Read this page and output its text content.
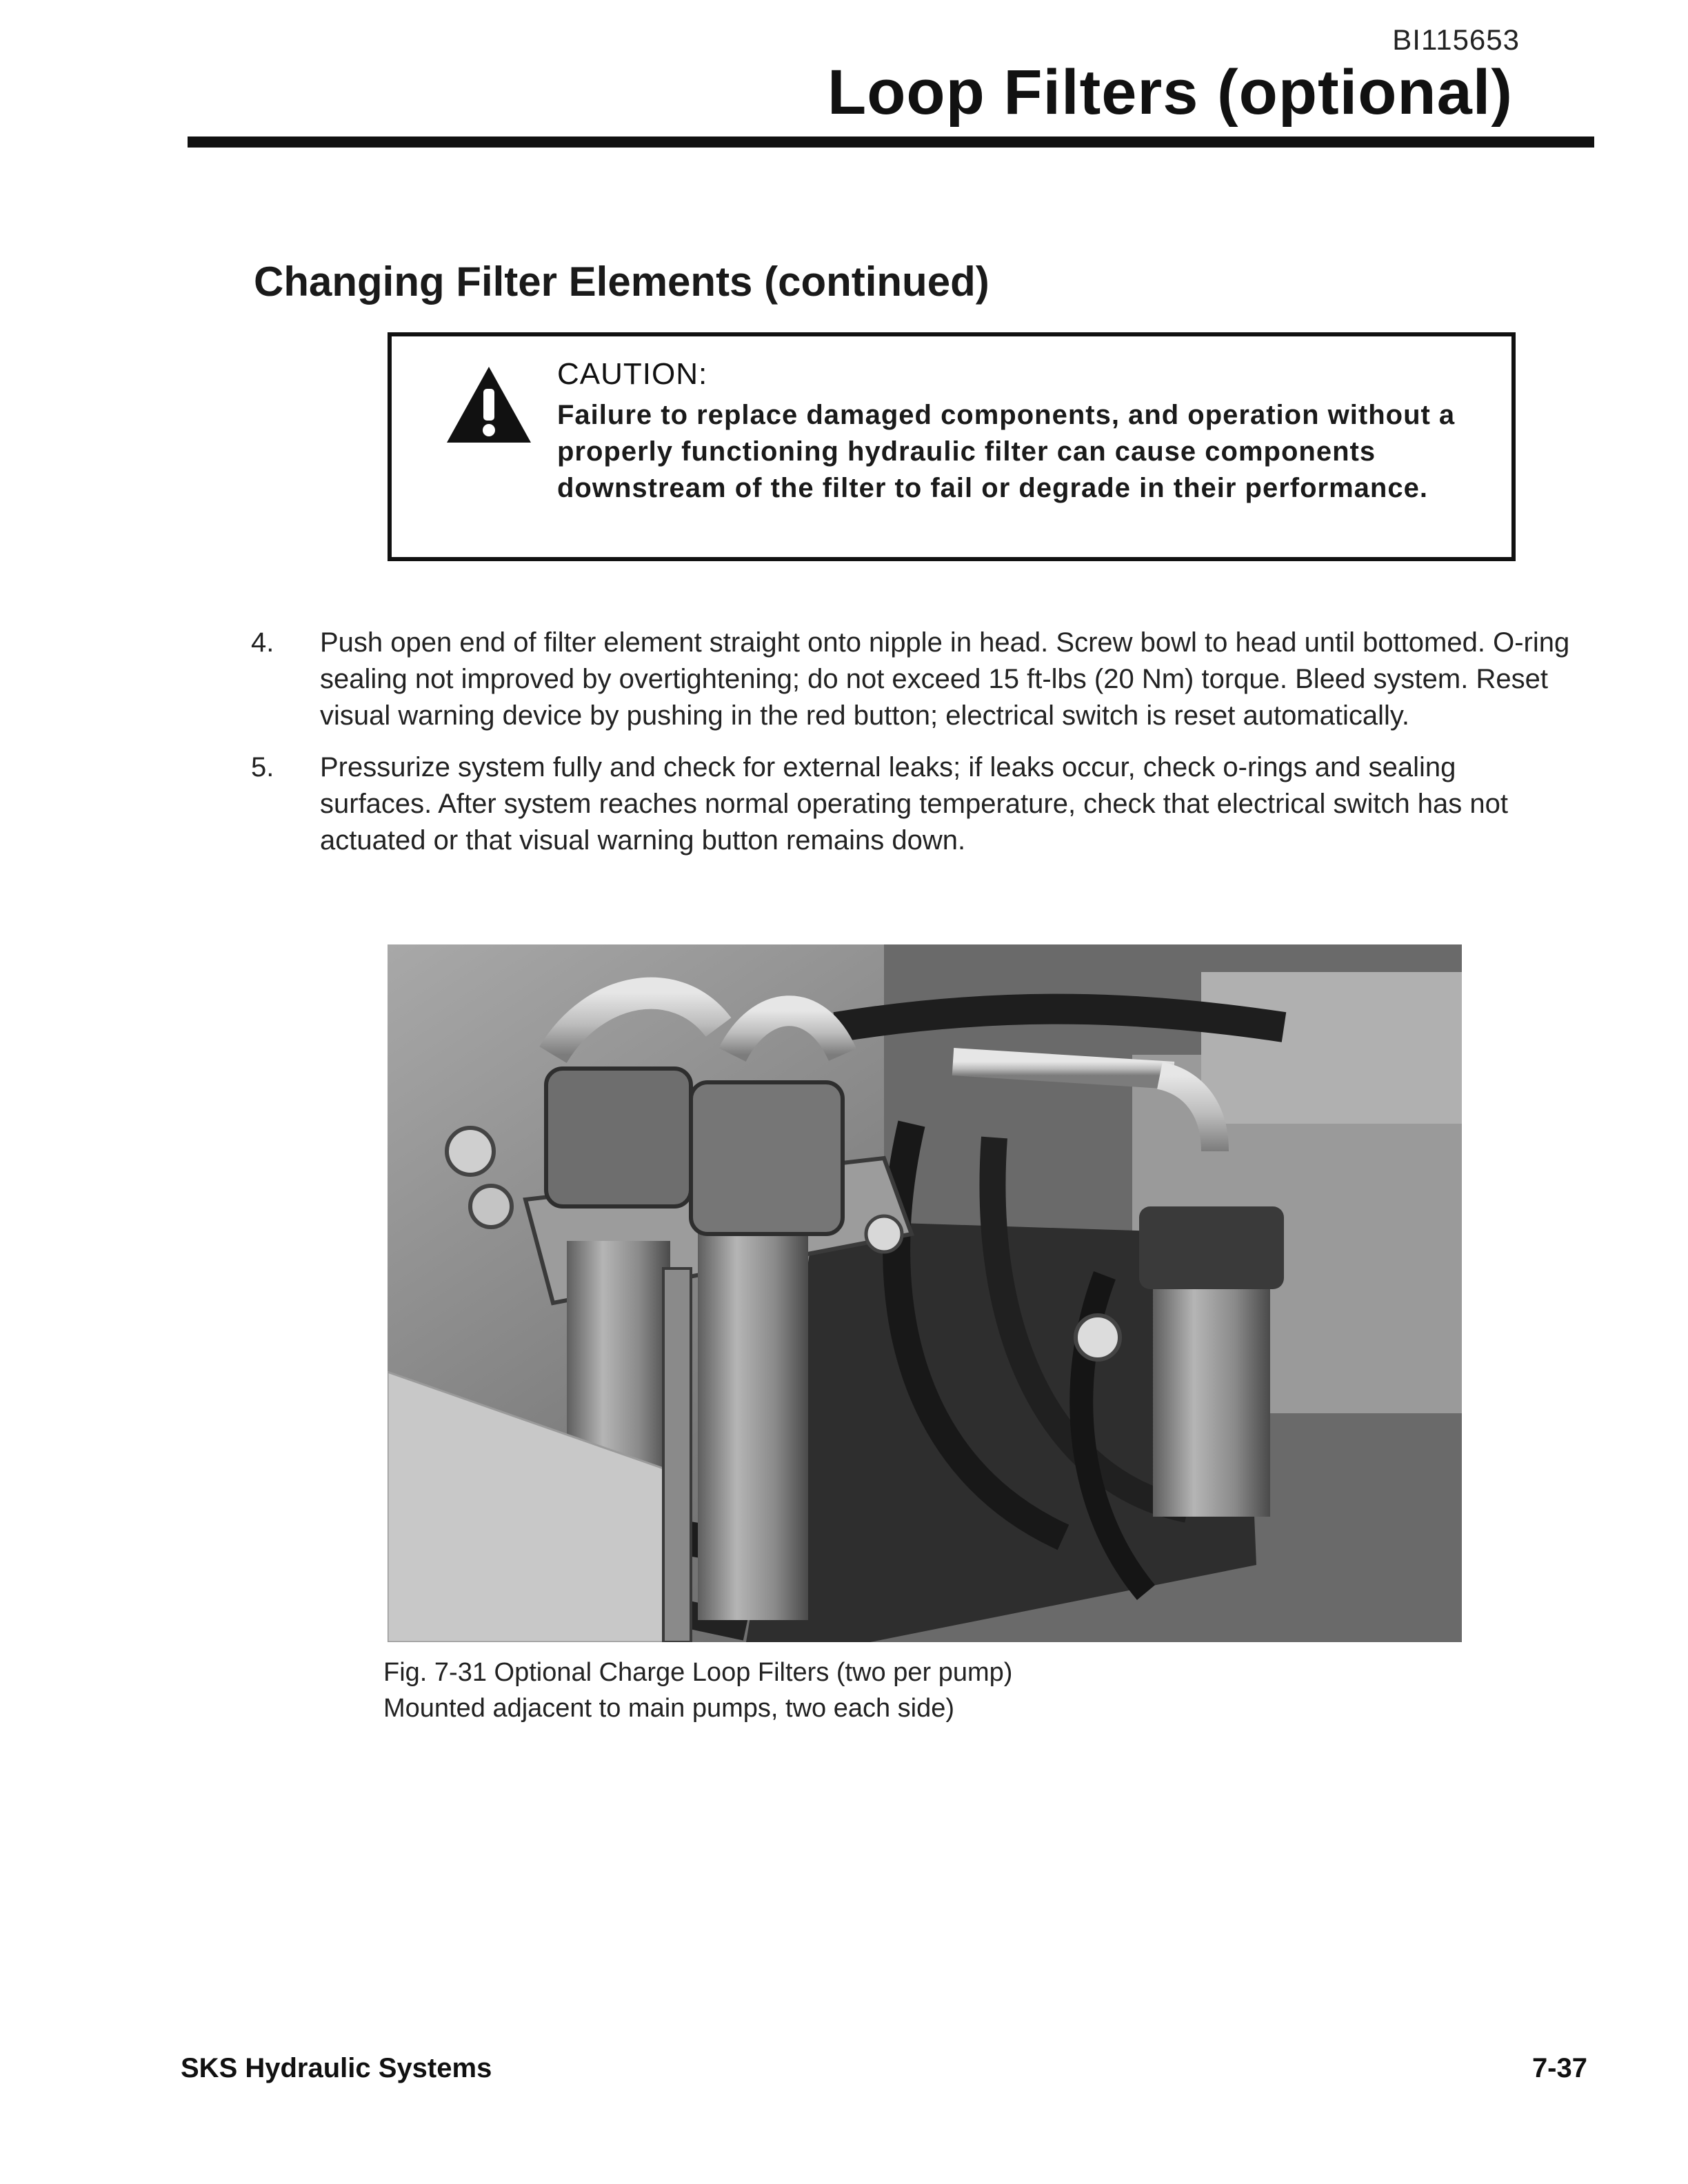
BI115653
Loop Filters (optional)
Changing Filter Elements (continued)

CAUTION:

Failure to replace damaged components, and operation without a properly functioning hydraulic filter can cause components downstream of the filter to fail or degrade in their performance.

4.	Push open end of filter element straight onto nipple in head. Screw bowl to head until bottomed. O-ring sealing not improved by overtightening; do not exceed 15 ft-lbs (20 Nm) torque. Bleed system. Reset visual warning device by pushing in the red button; electrical switch is reset automatically.
5.	Pressurize system fully and check for external leaks; if leaks occur, check o-rings and sealing surfaces. After system reaches normal operating temperature, check that electrical switch has not actuated or that visual warning button remains down.

Fig. 7-31 Optional Charge Loop Filters (two per pump)
Mounted adjacent to main pumps, two each side)

SKS Hydraulic Systems	7-37
